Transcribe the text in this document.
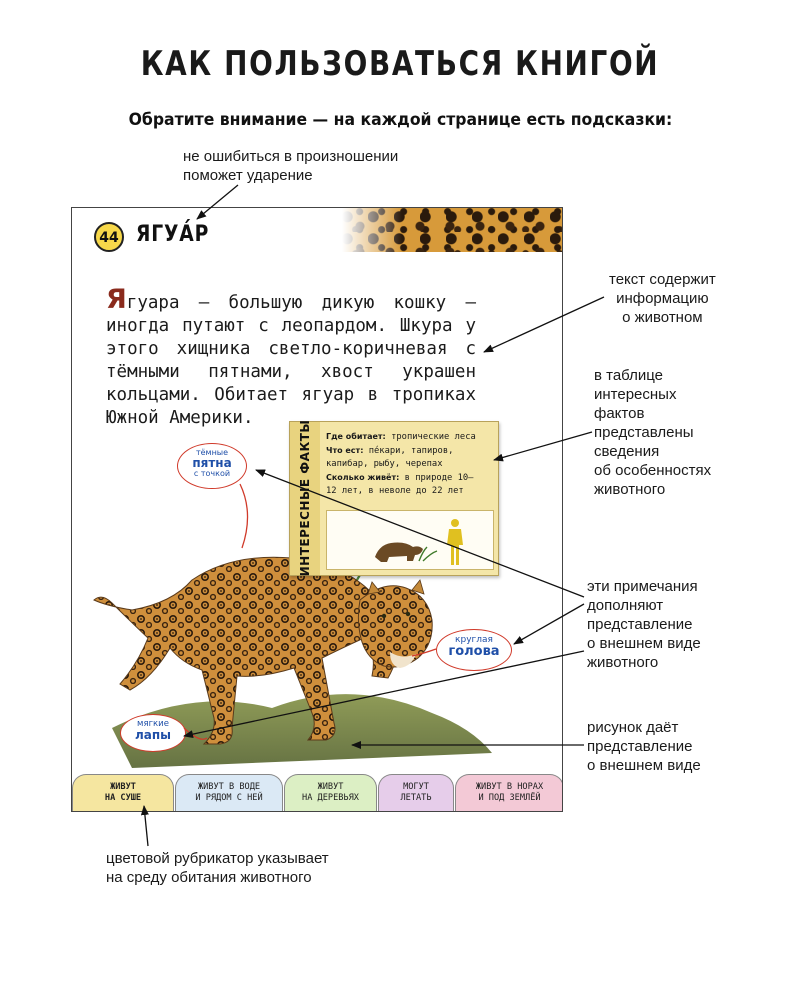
КАК ПОЛЬЗОВАТЬСЯ КНИГОЙ
Обратите внимание — на каждой странице есть подсказки:
не ошибиться в произношении
поможет ударение
текст содержит
информацию
о животном
в таблице
интересных
фактов
представлены
сведения
об особенностях
животного
эти примечания
дополняют
представление
о внешнем виде
животного
рисунок даёт
представление
о внешнем виде
цветовой рубрикатор указывает
на среду обитания животного
44 ЯГУА́Р
Ягуара — большую дикую кошку — иногда путают с леопардом. Шкура у этого хищника светло-коричневая с тёмными пятнами, хвост украшен кольцами. Обитает ягуар в тропиках Южной Америки.
ИНТЕРЕСНЫЕ ФАКТЫ Где обитает: тропические леса
Что ест: пе́кари, тапиров,
капибар, рыбу, черепах
Сколько живёт: в природе 10–
12 лет, в неволе до 22 лет
тёмные
пятна
с точкой
круглая
голова
мягкие
лапы
ЖИВУТ
НА СУШЕ
ЖИВУТ В ВОДЕ
И РЯДОМ С НЕЙ
ЖИВУТ
НА ДЕРЕВЬЯХ
МОГУТ
ЛЕТАТЬ
ЖИВУТ В НОРАХ
И ПОД ЗЕМЛЁЙ
